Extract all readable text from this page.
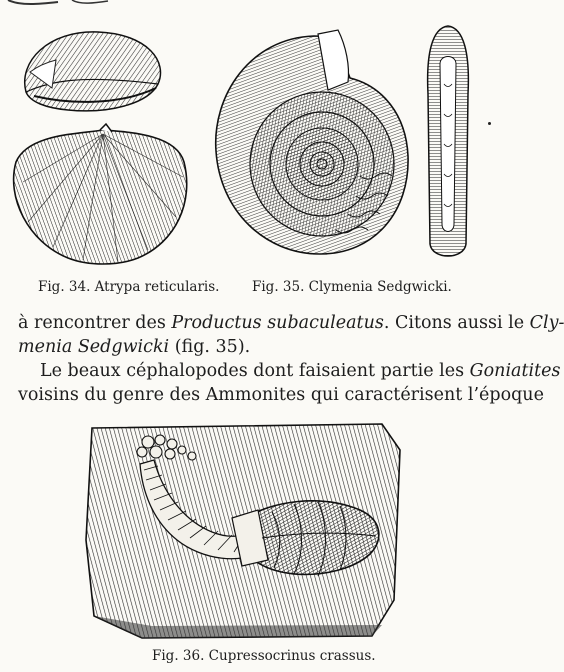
Fig. 34. Atrypa reticularis. Fig. 35. Clymenia Sedgwicki.
à rencontrer des Productus subaculeatus. Citons aussi le Cly-
menia Sedgwicki (fig. 35).
Le beaux céphalopodes dont faisaient partie les Goniatites
voisins du genre des Ammonites qui caractérisent l’époque
Fig. 36. Cupressocrinus crassus.
